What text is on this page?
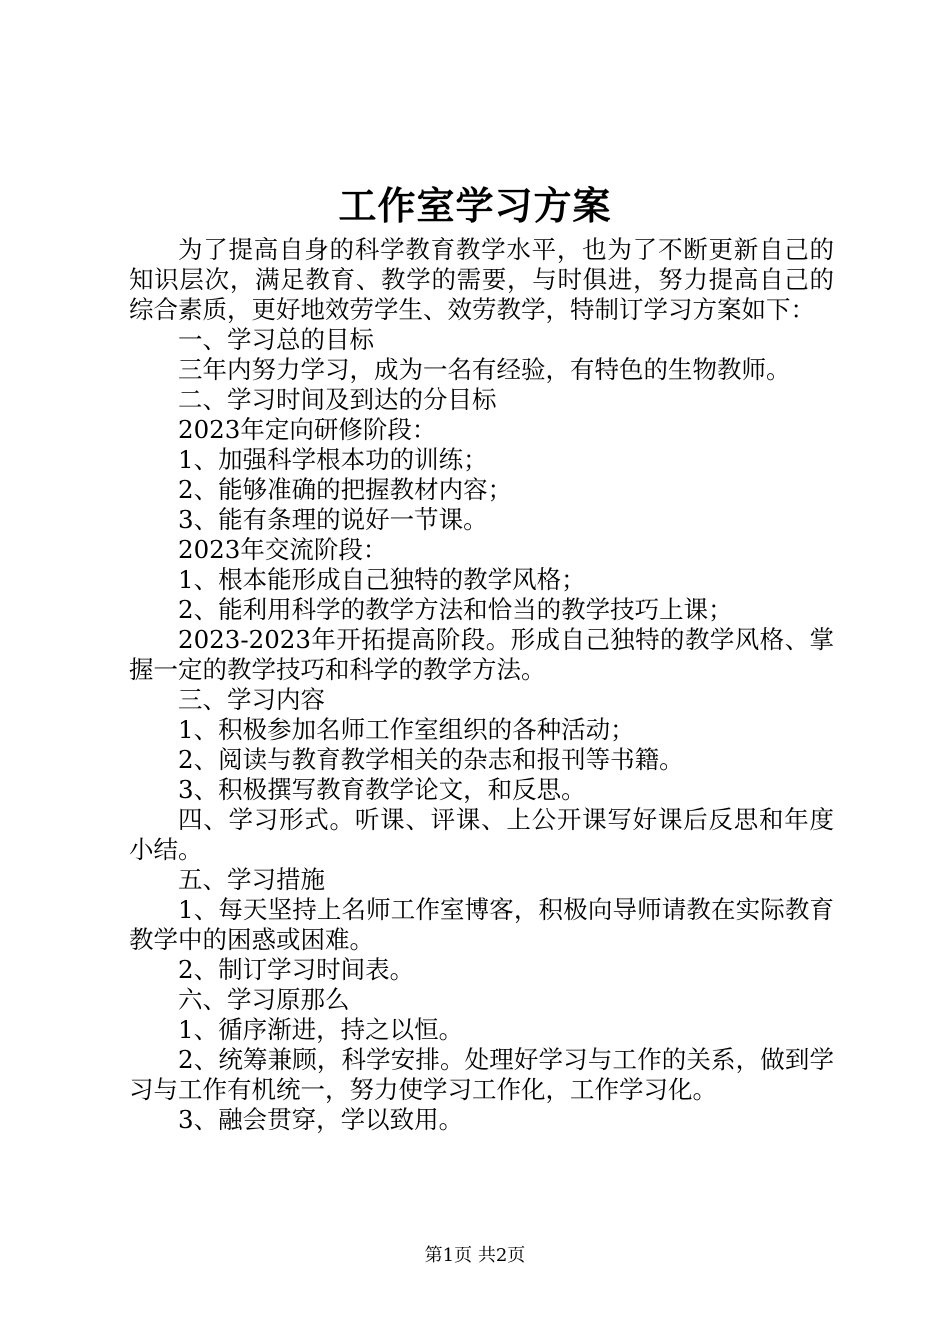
工作室学习方案

为了提高自身的科学教育教学水平，也为了不断更新自己的知识层次，满足教育、教学的需要，与时俱进，努力提高自己的综合素质，更好地效劳学生、效劳教学，特制订学习方案如下：

一、学习总的目标

三年内努力学习，成为一名有经验，有特色的生物教师。

二、学习时间及到达的分目标

2023年定向研修阶段：

1、加强科学根本功的训练；

2、能够准确的把握教材内容；

3、能有条理的说好一节课。

2023年交流阶段：

1、根本能形成自己独特的教学风格；

2、能利用科学的教学方法和恰当的教学技巧上课；

2023-2023年开拓提高阶段。形成自己独特的教学风格、掌握一定的教学技巧和科学的教学方法。

三、学习内容

1、积极参加名师工作室组织的各种活动；

2、阅读与教育教学相关的杂志和报刊等书籍。

3、积极撰写教育教学论文，和反思。

四、学习形式。听课、评课、上公开课写好课后反思和年度小结。

五、学习措施

1、每天坚持上名师工作室博客，积极向导师请教在实际教育教学中的困惑或困难。

2、制订学习时间表。

六、学习原那么

1、循序渐进，持之以恒。

2、统筹兼顾，科学安排。处理好学习与工作的关系，做到学习与工作有机统一，努力使学习工作化，工作学习化。

3、融会贯穿，学以致用。

第1页 共2页
